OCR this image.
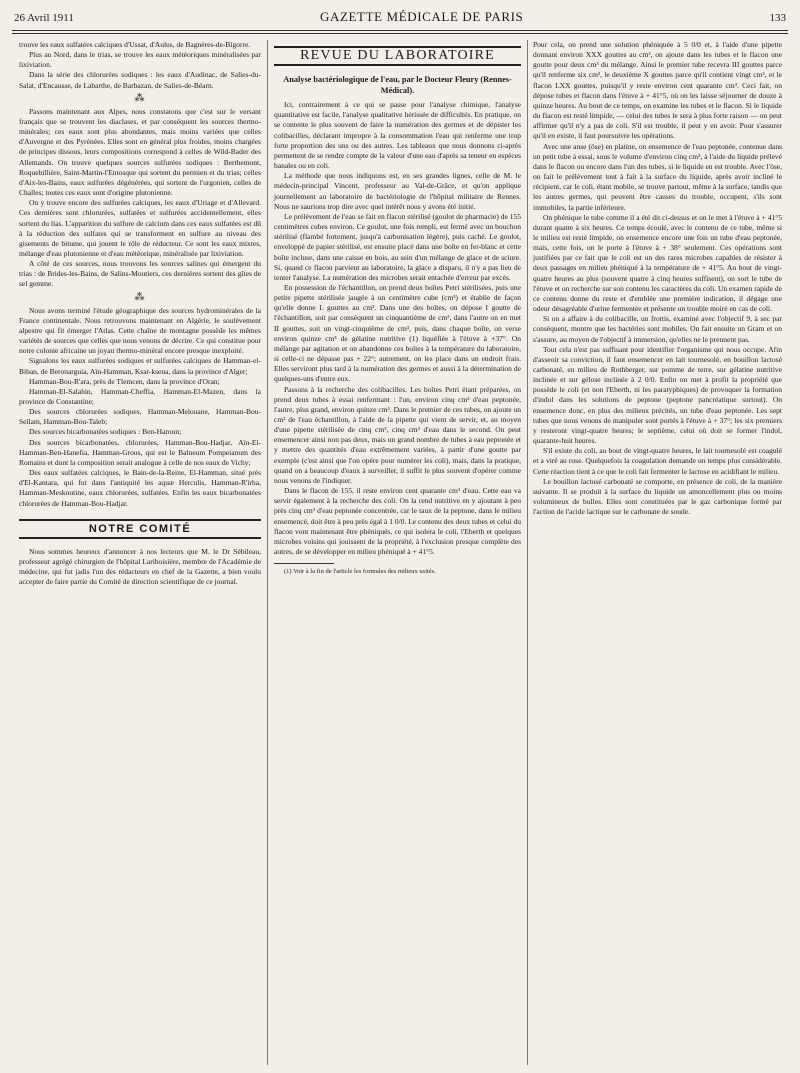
26 Avril 1911	GAZETTE MÉDICALE DE PARIS	133

trouve les eaux sulfatées calciques d'Ussat, d'Aulus, de Bagnères-de-Bigorre.

Plus au Nord, dans le trias, se trouve les eaux météoriques minéralisées par lixiviation.

Dans la série des chlorurées sodiques : les eaux d'Audinac, de Salies-du-Salat, d'Encausse, de Labarthe, de Barbazan, de Salies-de-Béarn.

⁂

Passons maintenant aux Alpes, nous constatons que c'est sur le versant français que se trouvent les diaclases, et par conséquent les sources thermo-minérales; ces eaux sont plus abondantes, mais moins variées que celles d'Auvergne et des Pyrénées. Elles sont en général plus froides, moins chargées de principes dissous, leurs compositions correspond à celles de Wild-Bader des Allemands. On trouve quelques sources sulfurées sodiques : Berthemont, Roquebillière, Saint-Martin-l'Entosque qui sortent du permien et du trias; celles d'Aix-les-Bains, eaux sulfurées dégénérées, qui sortent de l'urgonien, celles de Challes; toutes ces eaux sont d'origine plutonienne.

On y trouve encore des sulfurées calciques, les eaux d'Uriage et d'Allevard. Ces dernières sont chlorurées, sulfatées et sulfurées accidentellement, elles sortent du lias. L'apparition du sulfure de calcium dans ces eaux sulfatées est dû à la réduction des sulfates qui se transforment en sulfure au niveau des gisements de bitume, qui jouent le rôle de réducteur. Ce sont les eaux mixtes, mélange d'eau plutonienne et d'eau météorique, minéralisée par lixiviation.

A côté de ces sources, nous trouvons les sources salines qui émergent du trias : de Brides-les-Bains, de Salins-Moutiers, ces dernières sortent des gîtes de sel gemme.

⁂

Nous avons terminé l'étude géographique des sources hydrominérales de la France continentale. Nous retrouvons maintenant en Algérie, le soulèvement alpestre qui fit émerger l'Atlas. Cette chaîne de montagne possède les mêmes variétés de sources que celles que nous venons de décrire. Ce qui constitue pour notre colonie africaine un joyau thermo-minéral encore presque inexploité.

Signalons les eaux sulfurées sodiques et sulfurées calciques de Hamman-el-Biban, de Beronarguia, Aïn-Hamman, Ksar-ksena, dans la province d'Alger;

Hamman-Bou-R'ara, près de Tlemcen, dans la province d'Oran;

Hamman-El-Salahin, Hamman-Cheffia, Hamman-El-Mazen, dans la province de Constantine;

Des sources chlorurées sodiques, Hamman-Melouane, Hamman-Bou-Sellam, Hamman-Bou-Taleb;

Des sources bicarbonatées sodiques : Ben-Haroun;

Des sources bicarbonatées, chlorurées, Hamman-Bou-Hadjar, Aïn-El-Hamman-Ben-Hanefia, Hamman-Grous, qui est le Balneum Pompeianum des Romains et dont la composition serait analogue à celle de nos eaux de Vichy;

Des eaux sulfatées calciques, le Bain-de-la-Reine, El-Hamman, situé près d'El-Kantara, qui fut dans l'antiquité les aquæ Herculis, Hamman-R'irha, Hamman-Meskoutine, eaux chlorurées, sulfatées. Enfin les eaux bicarbonatées chlorurées de Hamman-Bou-Hadjar.

NOTRE COMITÉ

Nous sommes heureux d'annoncer à nos lecteurs que M. le Dr Sébileau, professeur agrégé chirurgien de l'hôpital Lariboisière, membre de l'Académie de médecine, qui fut jadis l'un des rédacteurs en chef de la Gazette, a bien voulu accepter de faire partie du Comité de direction scientifique de ce journal.

REVUE DU LABORATOIRE
Analyse bactériologique de l'eau, par le Docteur Fleury (Rennes-Médical).

Ici, contrairement à ce qui se passe pour l'analyse chimique, l'analyse quantitative est facile, l'analyse qualitative hérissée de difficultés. En pratique, on se contente le plus souvent de faire la numération des germes et de dépister les colibacilles, déclarant impropre à la consommation l'eau qui renferme une trop forte proportion des uns ou des autres. Les tableaux que nous donnons ci-après permettent de se rendre compte de la valeur d'une eau d'après sa teneur en espèces banales ou en coli.

La méthode que nous indiquons est, en ses grandes lignes, celle de M. le médecin-principal Vincent, professeur au Val-de-Grâce, et qu'on applique journellement au laboratoire de bactériologie de l'hôpital militaire de Rennes. Nous ne saurions trop dire avec quel intérêt nous y avons été initié.

Le prélèvement de l'eau se fait en flacon stérilisé (goulot de pharmacie) de 155 centimètres cubes environ. Ce goulot, une fois rempli, est fermé avec un bouchon stérilisé (flambé fortement, jusqu'à carbonisation légère), puis caché. Le goulot, enveloppé de papier stérilisé, est ensuite placé dans une boîte en fer-blanc et cette boîte incluse, dans une caisse en bois, au sein d'un mélange de glace et de sciure. Si, quand ce flacon parvient au laboratoire, la glace a disparu, il n'y a pas lieu de tenter l'analyse. La numération des microbes serait entachée d'erreur par excès.

En possession de l'échantillon, on prend deux boîtes Petri stérilisées, puis une petite pipette stérilisée jaugée à un centimètre cube (cm³) et établie de façon qu'elle donne L gouttes au cm³. Dans une des boîtes, on dépose I goutte de l'échantillon, soit par conséquent un cinquantième de cm³, dans l'autre on en met II gouttes, soit un vingt-cinquième de cm³, puis, dans chaque boîte, on verse environ quinze cm³ de gélatine nutritive (1) liquéfiée à l'étuve à +37°. On mélange par agitation et on abandonne ces boîtes à la température du laboratoire, si celle-ci ne dépasse pas + 22°; autrement, on les place dans un endroit frais. Elles serviront plus tard à la numération des germes et aussi à la détermination de quelques-uns d'entre eux.

Passons à la recherche des colibacilles. Les boîtes Petri étant préparées, on prend deux tubes à essai renfermant : l'un, environ cinq cm³ d'eau peptonée, l'autre, plus grand, environ quinze cm³. Dans le premier de ces tubes, on ajoute un cm³ de l'eau échantillon, à l'aide de la pipette qui vient de servir, et, au moyen d'une pipette stérilisée de cinq cm³, cinq cm³ d'eau dans le second. On peut ensemencer ainsi non pas deux, mais un grand nombre de tubes à eau peptonée et y mettre des quantités d'eau extrêmement variées, à partir d'une goutte par exemple (c'est ainsi que l'on opère pour numérer les coli), mais, dans la pratique, quand on a beaucoup d'eaux à surveiller, il suffit le plus souvent d'opérer comme nous venons de l'indiquer.

Dans le flacon de 155, il reste environ cent quarante cm³ d'eau. Cette eau va servir également à la recherche des coli. On la rend nutritive en y ajoutant à peu près cinq cm³ d'eau peptonée concentrée, car le taux de la peptone, dans le milieu ensemencé, doit être à peu près égal à 1 0/0. Le contenu des deux tubes et celui du flacon vont maintenant être phéniqués, ce qui isolera le coli, l'Eberth et quelques microbes voisins qui jouissent de la propriété, à l'exclusion presque complète des autres, de se développer en milieu phéniqué à + 41°5.

(1) Voir à la fin de l'article les formules des milieux usités.

Pour cela, on prend une solution phéniquée à 5 0/0 et, à l'aide d'une pipette donnant environ XXX gouttes au cm³, on ajoute dans les tubes et le flacon une goutte pour deux cm³ du mélange. Ainsi le premier tube recevra III gouttes parce qu'il renferme six cm³, le deuxième X gouttes parce qu'il contient vingt cm³, et le flacon LXX gouttes, puisqu'il y reste environ cent quarante cm³. Ceci fait, on dépose tubes et flacon dans l'étuve à + 41°5, où on les laisse séjourner de douze à quinze heures. Au bout de ce temps, on examine les tubes et le flacon. Si le liquide du flacon est resté limpide, — celui des tubes le sera à plus forte raison — on peut affirmer qu'il n'y a pas de coli. S'il est trouble, il peut y en avoir. Pour s'assurer qu'il en existe, il faut poursuivre les opérations.

Avec une anse (öse) en platine, on ensemence de l'eau peptonée, contenue dans un petit tube à essai, sous le volume d'environ cinq cm³, à l'aide du liquide prélevé dans le flacon ou encore dans l'un des tubes, si le liquide en est trouble. Avec l'öse, on fait le prélèvement tout à fait à la surface du liquide, après avoir incliné le récipient, car le coli, étant mobile, se trouve partout, même à la surface, tandis que les autres germes, qui peuvent être causes du trouble, occupent, s'ils sont immobiles, la partie inférieure.

On phénique le tube comme il a été dit ci-dessus et on le met à l'étuve à + 41°5 durant quatre à six heures. Ce temps écoulé, avec le contenu de ce tube, même si le milieu est resté limpide, on ensemence encore une fois un tube d'eau peptonée, mais, cette fois, on le porte à l'étuve à + 38° seulement. Ces opérations sont justifiées par ce fait que le coli est un des rares microbes capables de résister à deux passages en milieu phéniqué à la température de + 41°5. Au bout de vingt-quatre heures au plus (souvent quatre à cinq heures suffisent), on sort le tube de l'étuve et on recherche sur son contenu les caractères du coli. Un examen rapide de ce contenu donne du reste et d'emblée une première indication, il dégage une odeur désagréable d'urine fermentée et présente un trouble moiré en cas de coli.

Si on a affaire à du colibacille, un frottis, examiné avec l'objectif 9, à sec par conséquent, montre que les bactéries sont mobiles. On fait ensuite un Gram et on s'assure, au moyen de l'objectif à immersion, qu'elles ne le prennent pas.

Tout cela n'est pas suffisant pour identifier l'organisme qui nous occupe. Afin d'asseoir sa conviction, il faut ensemencer en lait tournesolé, en bouillon lactosé carbonaté, en milieu de Rothberger, sur pomme de terre, sur gélatine nutritive inclinée et sur gélose inclinée à 2 0/0. Enfin on met à profit la propriété que possède le coli (et non l'Eberth, ni les paratyphiques) de provoquer la formation d'indol dans les solutions de peptone (peptone pancréatique surtout). On ensemence donc, en plus des milieux précités, un tube d'eau peptonée. Les sept tubes que nous venons de manipuler sont portés à l'étuve à + 37°; les six premiers y resteront vingt-quatre heures; le septième, celui où doit se former l'indol, quarante-huit heures.

S'il existe du coli, au bout de vingt-quatre heures, le lait tournesolé est coagulé et a viré au rose. Quelquefois la coagulation demande un temps plus considérable. Cette réaction tient à ce que le coli fait fermenter le lactose en acidifiant le milieu.

Le bouillon lactosé carbonaté se comporte, en présence de coli, de la manière suivante. Il se produit à la surface du liquide un amoncellement plus ou moins volumineux de bulles. Elles sont constituées par le gaz carbonique formé par l'action de l'acide lactique sur le carbonate de soude.
